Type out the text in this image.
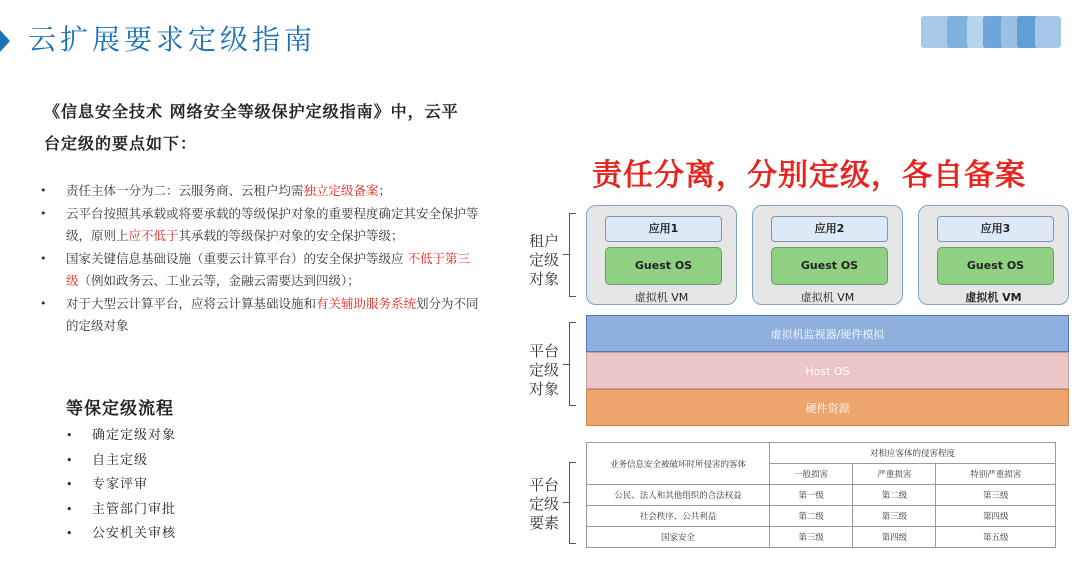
云扩展要求定级指南
《信息安全技术 网络安全等级保护定级指南》中，云平
台定级的要点如下：
• 责任主体一分为二：云服务商、云租户均需独立定级备案；
• 云平台按照其承载或将要承载的等级保护对象的重要程度确定其安全保护等级，原则上应不低于其承载的等级保护对象的安全保护等级；
• 国家关键信息基础设施（重要云计算平台）的安全保护等级应 不低于第三级（例如政务云、工业云等，金融云需要达到四级）；
• 对于大型云计算平台，应将云计算基础设施和有关辅助服务系统划分为不同的定级对象
等保定级流程
• 确定定级对象
• 自主定级
• 专家评审
• 主管部门审批
• 公安机关审核
责任分离，分别定级，各自备案
租户定级对象
平台定级对象
平台定级要素
应用1
Guest OS
虚拟机 VM
应用2
Guest OS
虚拟机 VM
应用3
Guest OS
虚拟机 VM
虚拟机监视器/硬件模拟
Host OS
硬件资源
业务信息安全被破坏时所侵害的客体	对相应客体的侵害程度		
	一般损害	严重损害	特别严重损害
公民、法人和其他组织的合法权益	第一级	第二级	第三级
社会秩序、公共利益	第二级	第三级	第四级
国家安全	第三级	第四级	第五级
